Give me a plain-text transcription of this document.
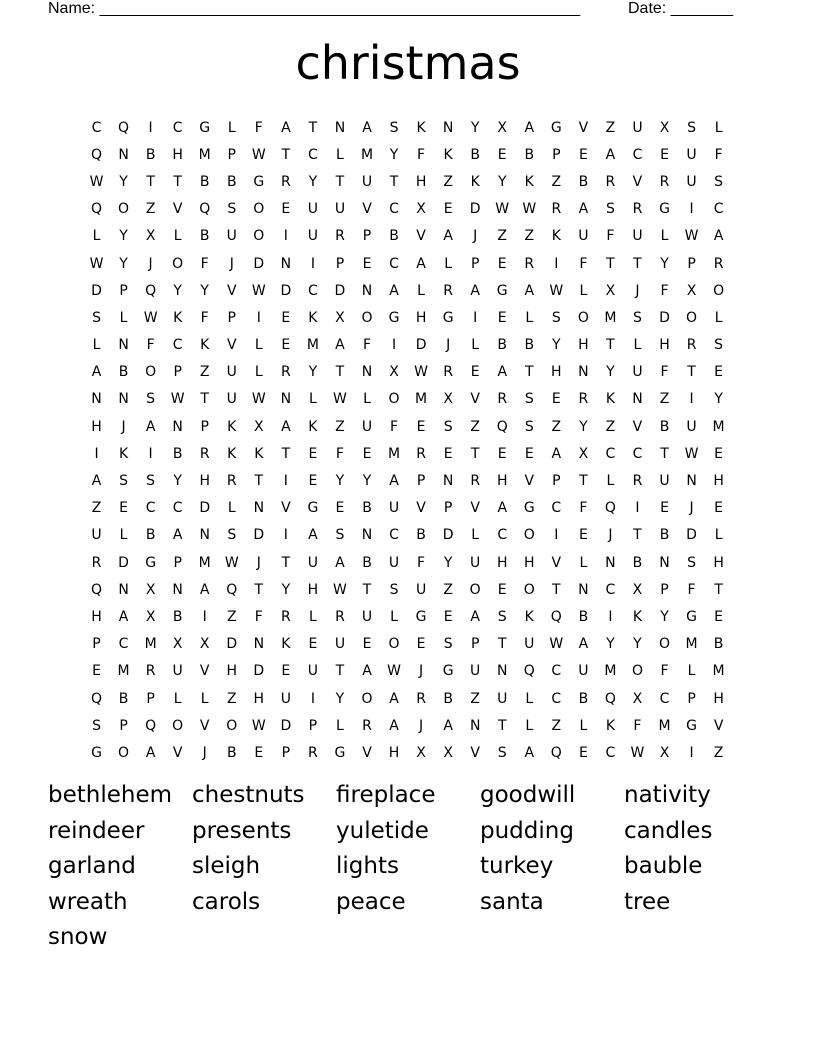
Name: ______________________________________________________	Date: _______
christmas
C	Q	I	C	G	L	F	A	T	N	A	S	K	N	Y	X	A	G	V	Z	U	X	S	L
Q	N	B	H	M	P	W	T	C	L	M	Y	F	K	B	E	B	P	E	A	C	E	U	F
W	Y	T	T	B	B	G	R	Y	T	U	T	H	Z	K	Y	K	Z	B	R	V	R	U	S
Q	O	Z	V	Q	S	O	E	U	U	V	C	X	E	D	W W	R	A	S	R	G	I	C
L	Y	X	L	B	U	O	I	U	R	P	B	V	A	J	Z	Z	K	U	F	U	L	W	A
W	Y	J	O	F	J	D	N	I	P	E	C	A	L	P	E	R	I	F	T	T	Y	P	R
D	P	Q	Y	Y	V	W	D	C	D	N	A	L	R	A	G	A	W	L	X	J	F	X	O
S	L	W	K	F	P	I	E	K	X	O	G	H	G	I	E	L	S	O	M	S	D	O	L
L	N	F	C	K	V	L	E	M	A	F	I	D	J	L	B	B	Y	H	T	L	H	R	S
A	B	O	P	Z	U	L	R	Y	T	N	X	W	R	E	A	T	H	N	Y	U	F	T	E
N	N	S	W	T	U	W	N	L	W	L	O	M	X	V	R	S	E	R	K	N	Z	I	Y
H	J	A	N	P	K	X	A	K	Z	U	F	E	S	Z	Q	S	Z	Y	Z	V	B	U	M
I	K	I	B	R	K	K	T	E	F	E	M	R	E	T	E	E	A	X	C	C	T	W	E
A	S	S	Y	H	R	T	I	E	Y	Y	A	P	N	R	H	V	P	T	L	R	U	N	H
Z	E	C	C	D	L	N	V	G	E	B	U	V	P	V	A	G	C	F	Q	I	E	J	E
U	L	B	A	N	S	D	I	A	S	N	C	B	D	L	C	O	I	E	J	T	B	D	L
R	D	G	P	M	W	J	T	U	A	B	U	F	Y	U	H	H	V	L	N	B	N	S	H
Q	N	X	N	A	Q	T	Y	H	W	T	S	U	Z	O	E	O	T	N	C	X	P	F	T
H	A	X	B	I	Z	F	R	L	R	U	L	G	E	A	S	K	Q	B	I	K	Y	G	E
P	C	M	X	X	D	N	K	E	U	E	O	E	S	P	T	U	W	A	Y	Y	O	M	B
E	M	R	U	V	H	D	E	U	T	A	W	J	G	U	N	Q	C	U	M	O	F	L	M
Q	B	P	L	L	Z	H	U	I	Y	O	A	R	B	Z	U	L	C	B	Q	X	C	P	H
S	P	Q	O	V	O	W	D	P	L	R	A	J	A	N	T	L	Z	L	K	F	M	G	V
G	O	A	V	J	B	E	P	R	G	V	H	X	X	V	S	A	Q	E	C	W	X	I	Z
bethlehem chestnuts	fireplace	goodwill	nativity
reindeer	presents	yuletide	pudding	candles
garland	sleigh	lights	turkey	bauble
wreath	carols	peace	santa	tree
snow
